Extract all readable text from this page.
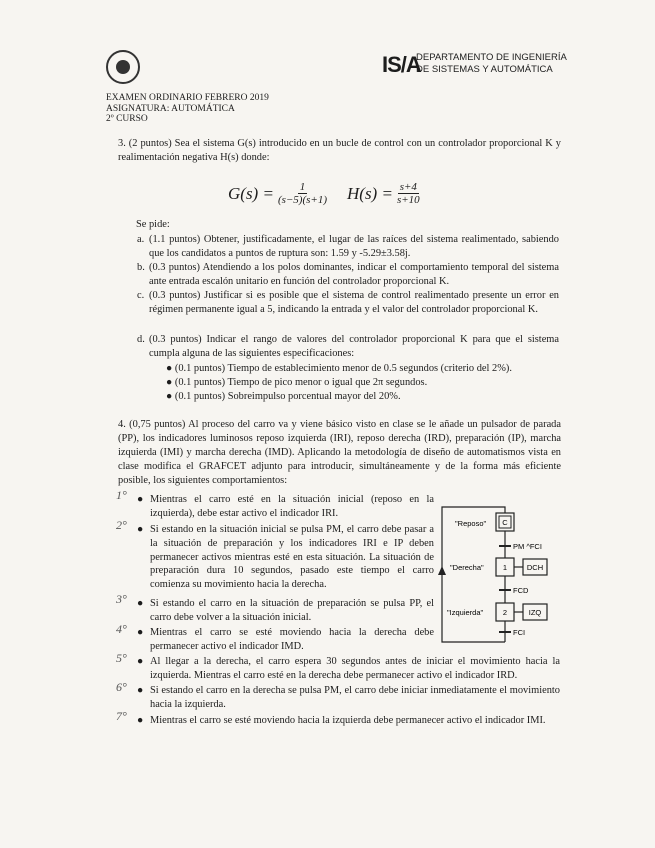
IS/A
DEPARTAMENTO DE INGENIERÍA
DE SISTEMAS Y AUTOMÁTICA
EXAMEN ORDINARIO FEBRERO 2019
ASIGNATURA: AUTOMÁTICA
2º CURSO
3. (2 puntos) Sea el sistema G(s) introducido en un bucle de control con un controlador proporcional K y realimentación negativa H(s) donde:
$G(s) = \frac{1}{(s-5)(s+1)} H(s) = \frac{s+4}{s+10}$
Se pide:
a. (1.1 puntos) Obtener, justificadamente, el lugar de las raíces del sistema realimentado, sabiendo que los candidatos a puntos de ruptura son: 1.59 y -5.29±3.58j.
b. (0.3 puntos) Atendiendo a los polos dominantes, indicar el comportamiento temporal del sistema ante entrada escalón unitario en función del controlador proporcional K.
c. (0.3 puntos) Justificar si es posible que el sistema de control realimentado presente un error en régimen permanente igual a 5, indicando la entrada y el valor del controlador proporcional K.
d. (0.3 puntos) Indicar el rango de valores del controlador proporcional K para que el sistema cumpla alguna de las siguientes especificaciones:
● (0.1 puntos) Tiempo de establecimiento menor de 0.5 segundos (criterio del 2%).
● (0.1 puntos) Tiempo de pico menor o igual que 2π segundos.
● (0.1 puntos) Sobreimpulso porcentual mayor del 20%.
4. (0,75 puntos) Al proceso del carro va y viene básico visto en clase se le añade un pulsador de parada (PP), los indicadores luminosos reposo izquierda (IRI), reposo derecha (IRD), preparación (IP), marcha izquierda (IMI) y marcha derecha (IMD). Aplicando la metodología de diseño de automatismos vista en clase modifica el GRAFCET adjunto para introducir, simultáneamente y de la forma más eficiente posible, los siguientes comportamientos:
● Mientras el carro esté en la situación inicial (reposo en la izquierda), debe estar activo el indicador IRI.
● Si estando en la situación inicial se pulsa PM, el carro debe pasar a la situación de preparación y los indicadores IRI e IP deben permanecer activos mientras esté en esta situación. La situación de preparación dura 10 segundos, pasado este tiempo el carro comienza su movimiento hacia la derecha.
● Si estando el carro en la situación de preparación se pulsa PP, el carro debe volver a la situación inicial.
● Mientras el carro se esté moviendo hacia la derecha debe permanecer activo el indicador IMD.
● Al llegar a la derecha, el carro espera 30 segundos antes de iniciar el movimiento hacia la izquierda. Mientras el carro esté en la derecha debe permanecer activo el indicador IRD.
● Si estando el carro en la derecha se pulsa PM, el carro debe iniciar inmediatamente el movimiento hacia la izquierda.
● Mientras el carro se esté moviendo hacia la izquierda debe permanecer activo el indicador IMI.
1°
2°
3°
4°
5°
6°
7°
C
"Reposo"
PM ^FCI
1
"Derecha"	DCH
FCD
2
"Izquierda"	IZQ
FCI
